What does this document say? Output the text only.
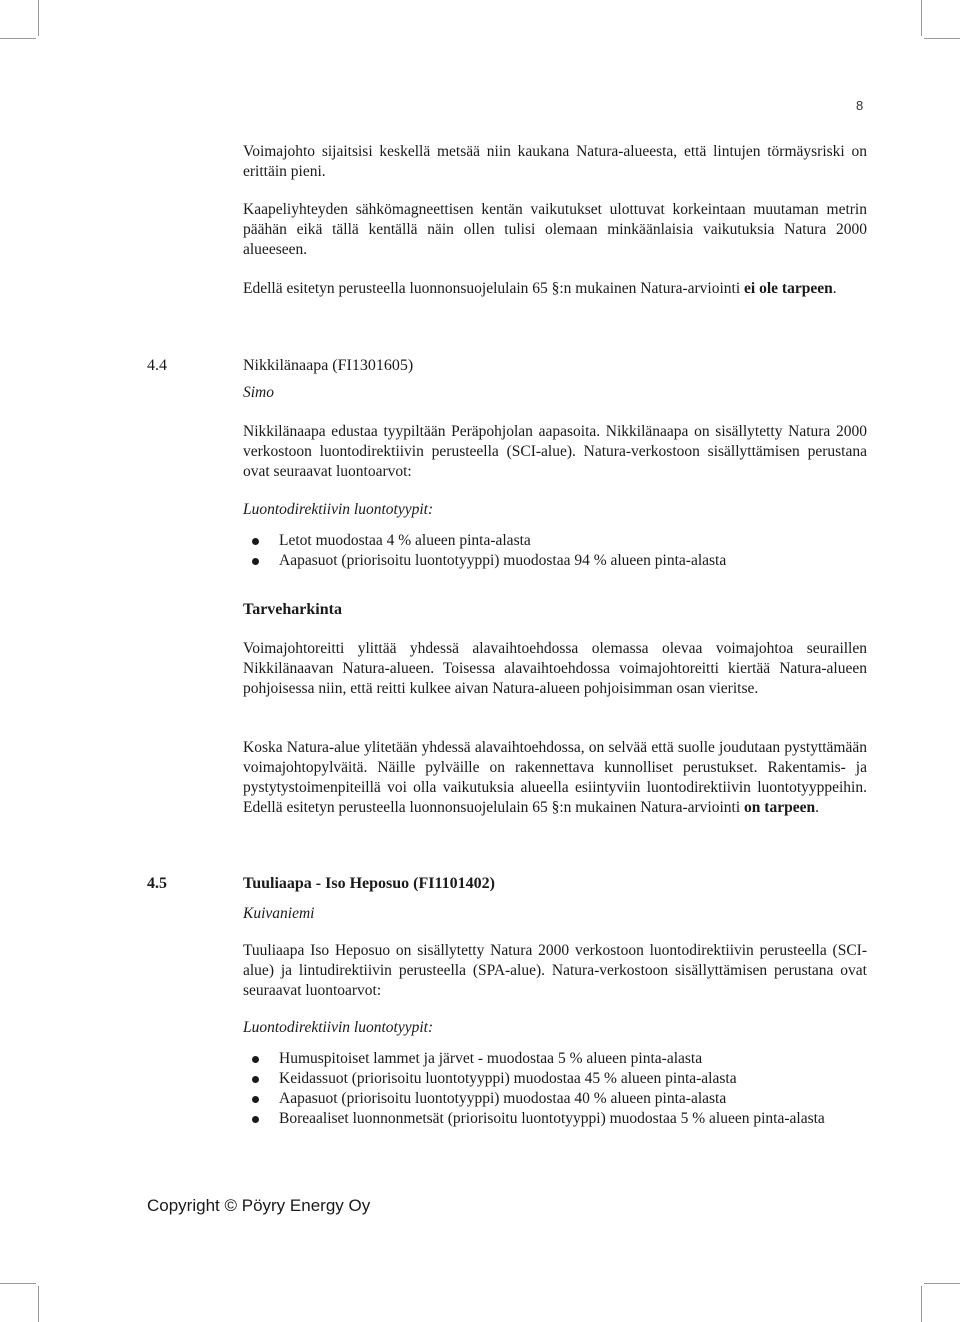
8

Voimajohto sijaitsisi keskellä metsää niin kaukana Natura-alueesta, että lintujen törmäysriski on erittäin pieni.

Kaapeliyhteyden sähkömagneettisen kentän vaikutukset ulottuvat korkeintaan muutaman metrin päähän eikä tällä kentällä näin ollen tulisi olemaan minkäänlaisia vaikutuksia Natura 2000 alueeseen.

Edellä esitetyn perusteella luonnonsuojelulain 65 §:n mukainen Natura-arviointi ei ole tarpeen.

4.4	Nikkilänaapa (FI1301605)
Simo

Nikkilänaapa edustaa tyypiltään Peräpohjolan aapasoita. Nikkilänaapa on sisällytetty Natura 2000 verkostoon luontodirektiivin perusteella (SCI-alue). Natura-verkostoon sisällyttämisen perustana ovat seuraavat luontoarvot:

Luontodirektiivin luontotyypit:
Letot muodostaa 4 % alueen pinta-alasta
Aapasuot (priorisoitu luontotyyppi) muodostaa 94 % alueen pinta-alasta
Tarveharkinta

Voimajohtoreitti ylittää yhdessä alavaihtoehdossa olemassa olevaa voimajohtoa seuraillen Nikkilänaavan Natura-alueen. Toisessa alavaihtoehdossa voimajohtoreitti kiertää Natura-alueen pohjoisessa niin, että reitti kulkee aivan Natura-alueen pohjoisimman osan vieritse.

Koska Natura-alue ylitetään yhdessä alavaihtoehdossa, on selvää että suolle joudutaan pystyttämään voimajohtopylväitä. Näille pylväille on rakennettava kunnolliset perustukset. Rakentamis- ja pystytystoimenpiteillä voi olla vaikutuksia alueella esiintyviin luontodirektiivin luontotyyppeihin. Edellä esitetyn perusteella luonnonsuojelulain 65 §:n mukainen Natura-arviointi on tarpeen.

4.5	Tuuliaapa - Iso Heposuo (FI1101402)
Kuivaniemi

Tuuliaapa Iso Heposuo on sisällytetty Natura 2000 verkostoon luontodirektiivin perusteella (SCI-alue) ja lintudirektiivin perusteella (SPA-alue). Natura-verkostoon sisällyttämisen perustana ovat seuraavat luontoarvot:

Luontodirektiivin luontotyypit:
Humuspitoiset lammet ja järvet - muodostaa 5 % alueen pinta-alasta
Keidassuot (priorisoitu luontotyyppi) muodostaa 45 % alueen pinta-alasta
Aapasuot (priorisoitu luontotyyppi) muodostaa 40 % alueen pinta-alasta
Boreaaliset luonnonmetsät (priorisoitu luontotyyppi) muodostaa 5 % alueen pinta-alasta
Copyright © Pöyry Energy Oy
